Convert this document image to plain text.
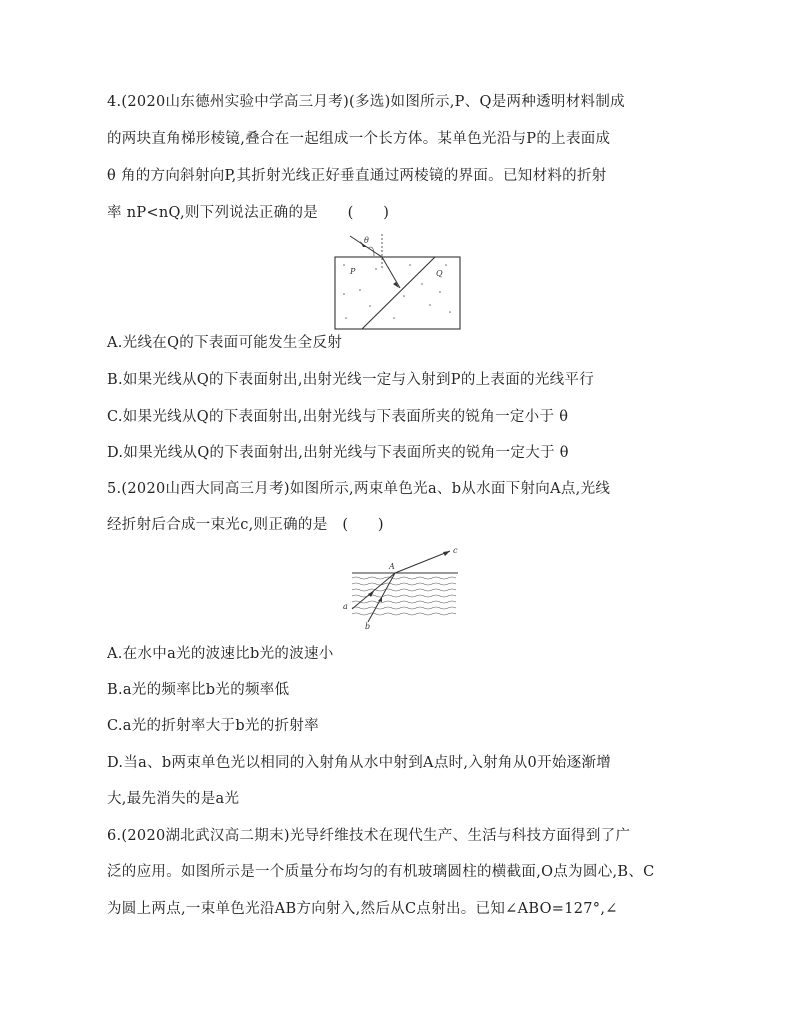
4.(2020山东德州实验中学高三月考)(多选)如图所示,P、Q是两种透明材料制成
的两块直角梯形棱镜,叠合在一起组成一个长方体。某单色光沿与P的上表面成
θ 角的方向斜射向P,其折射光线正好垂直通过两棱镜的界面。已知材料的折射
率 nP<nQ,则下列说法正确的是　　(　　)
θ
P	Q
A.光线在Q的下表面可能发生全反射
B.如果光线从Q的下表面射出,出射光线一定与入射到P的上表面的光线平行
C.如果光线从Q的下表面射出,出射光线与下表面所夹的锐角一定小于 θ
D.如果光线从Q的下表面射出,出射光线与下表面所夹的锐角一定大于 θ
5.(2020山西大同高三月考)如图所示,两束单色光a、b从水面下射向A点,光线
经折射后合成一束光c,则正确的是　(　　)
A
c
a
b
A.在水中a光的波速比b光的波速小
B.a光的频率比b光的频率低
C.a光的折射率大于b光的折射率
D.当a、b两束单色光以相同的入射角从水中射到A点时,入射角从0开始逐渐增
大,最先消失的是a光
6.(2020湖北武汉高二期末)光导纤维技术在现代生产、生活与科技方面得到了广
泛的应用。如图所示是一个质量分布均匀的有机玻璃圆柱的横截面,O点为圆心,B、C
为圆上两点,一束单色光沿AB方向射入,然后从C点射出。已知∠ABO=127°,∠
